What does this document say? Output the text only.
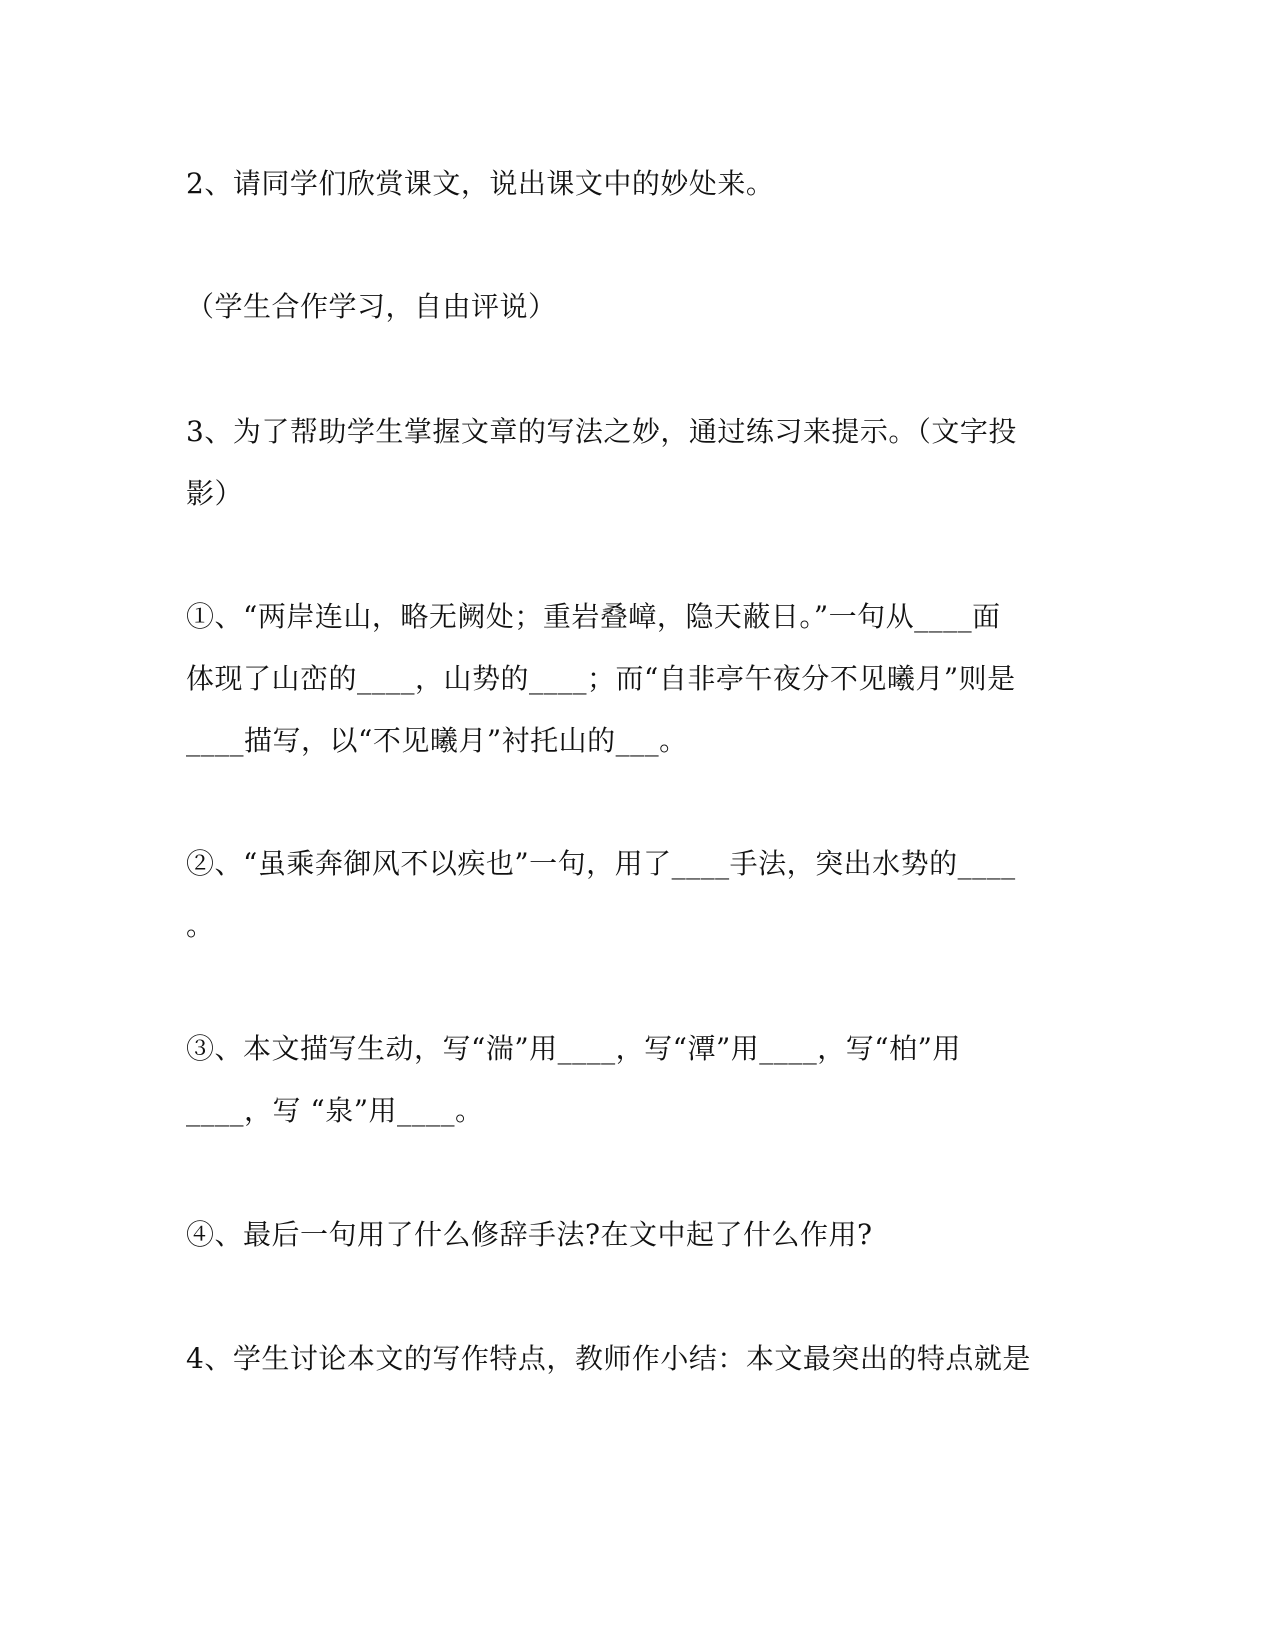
2、请同学们欣赏课文，说出课文中的妙处来。
（学生合作学习，自由评说）
3、为了帮助学生掌握文章的写法之妙，通过练习来提示。（文字投
影）
①、“两岸连山，略无阙处；重岩叠嶂，隐天蔽日。”一句从____面
体现了山峦的____，山势的____；而“自非亭午夜分不见曦月”则是
____描写，以“不见曦月”衬托山的___。
②、“虽乘奔御风不以疾也”一句，用了____手法，突出水势的____
。
③、本文描写生动，写“湍”用____，写“潭”用____，写“柏”用
____，写 “泉”用____。
④、最后一句用了什么修辞手法?在文中起了什么作用?
4、学生讨论本文的写作特点，教师作小结：本文最突出的特点就是
